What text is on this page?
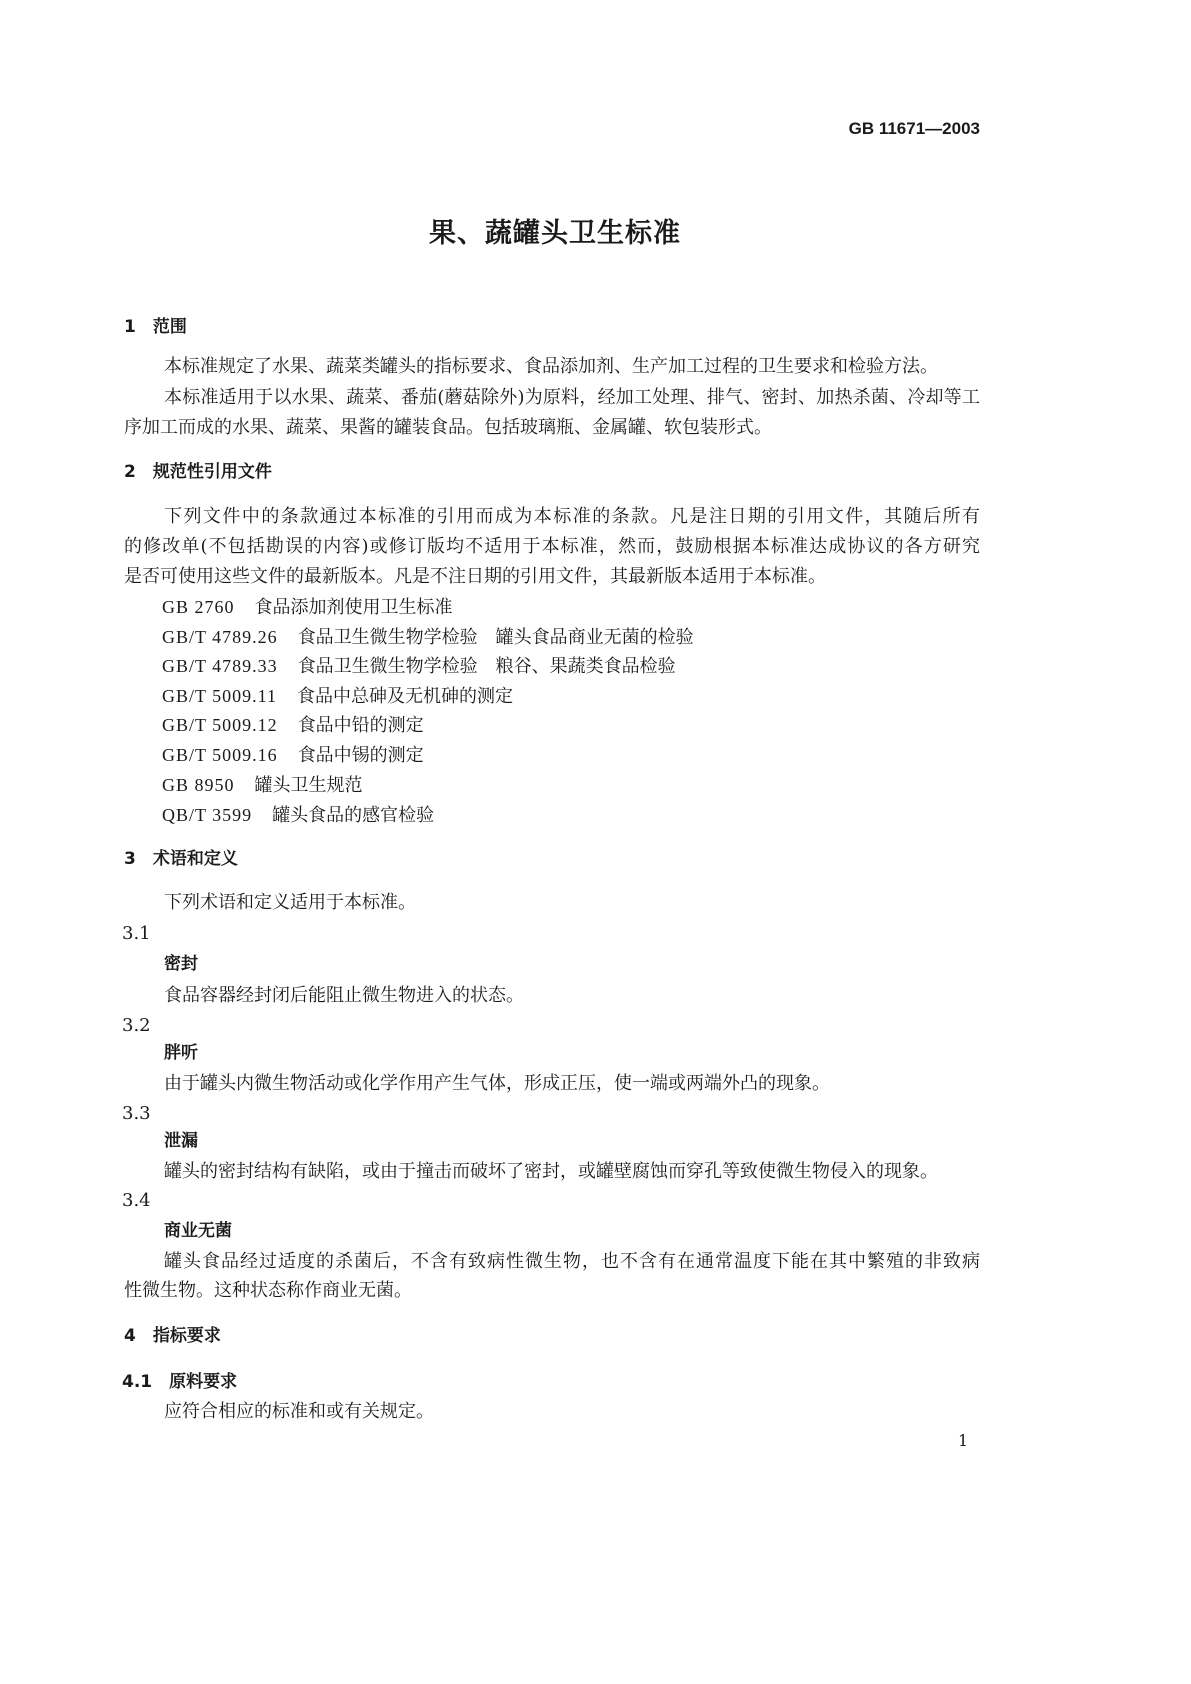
GB 11671—2003
果、蔬罐头卫生标准
1　范围
本标准规定了水果、蔬菜类罐头的指标要求、食品添加剂、生产加工过程的卫生要求和检验方法。
本标准适用于以水果、蔬菜、番茄(蘑菇除外)为原料，经加工处理、排气、密封、加热杀菌、冷却等工
序加工而成的水果、蔬菜、果酱的罐装食品。包括玻璃瓶、金属罐、软包装形式。
2　规范性引用文件
下列文件中的条款通过本标准的引用而成为本标准的条款。凡是注日期的引用文件，其随后所有
的修改单(不包括勘误的内容)或修订版均不适用于本标准，然而，鼓励根据本标准达成协议的各方研究
是否可使用这些文件的最新版本。凡是不注日期的引用文件，其最新版本适用于本标准。
GB 2760 食品添加剂使用卫生标准
GB/T 4789.26 食品卫生微生物学检验　罐头食品商业无菌的检验
GB/T 4789.33 食品卫生微生物学检验　粮谷、果蔬类食品检验
GB/T 5009.11 食品中总砷及无机砷的测定
GB/T 5009.12 食品中铅的测定
GB/T 5009.16 食品中锡的测定
GB 8950 罐头卫生规范
QB/T 3599 罐头食品的感官检验
3　术语和定义
下列术语和定义适用于本标准。
3.1
密封
食品容器经封闭后能阻止微生物进入的状态。
3.2
胖听
由于罐头内微生物活动或化学作用产生气体，形成正压，使一端或两端外凸的现象。
3.3
泄漏
罐头的密封结构有缺陷，或由于撞击而破坏了密封，或罐壁腐蚀而穿孔等致使微生物侵入的现象。
3.4
商业无菌
罐头食品经过适度的杀菌后，不含有致病性微生物，也不含有在通常温度下能在其中繁殖的非致病
性微生物。这种状态称作商业无菌。
4　指标要求
4.1　原料要求
应符合相应的标准和或有关规定。
1
